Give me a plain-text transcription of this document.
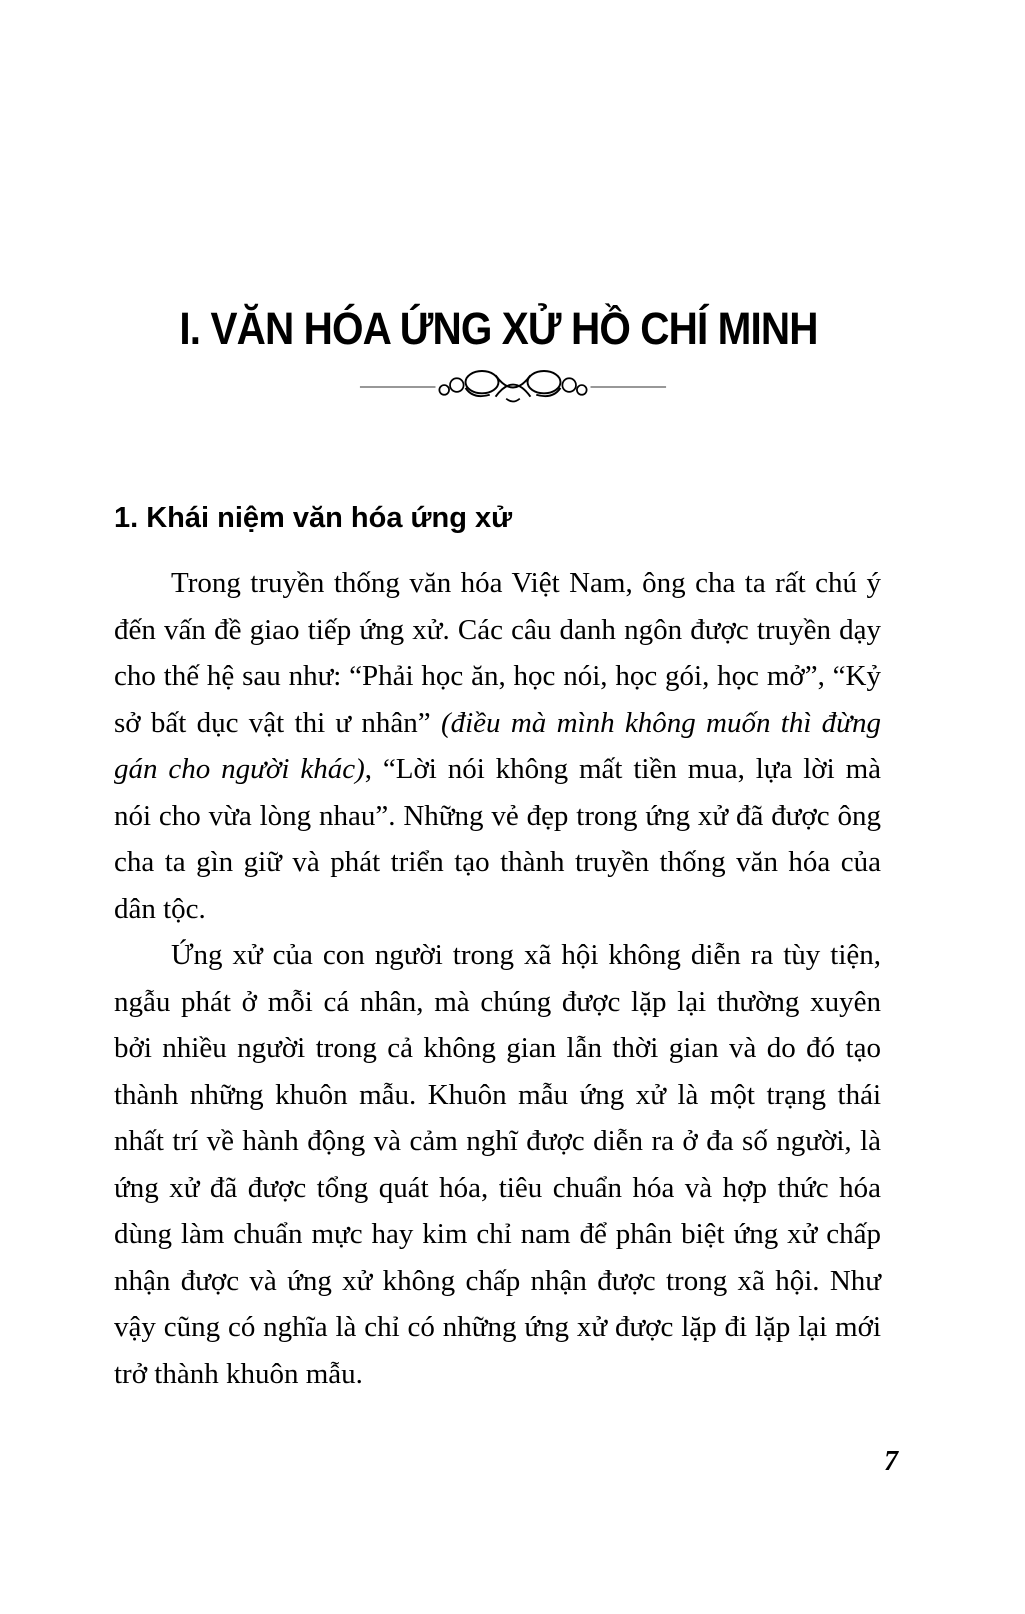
I. VĂN HÓA ỨNG XỬ HỒ CHÍ MINH
1. Khái niệm văn hóa ứng xử

Trong truyền thống văn hóa Việt Nam, ông cha ta rất chú ý đến vấn đề giao tiếp ứng xử. Các câu danh ngôn được truyền dạy cho thế hệ sau như: “Phải học ăn, học nói, học gói, học mở”, “Kỷ sở bất dục vật thi ư nhân” (điều mà mình không muốn thì đừng gán cho người khác), “Lời nói không mất tiền mua, lựa lời mà nói cho vừa lòng nhau”. Những vẻ đẹp trong ứng xử đã được ông cha ta gìn giữ và phát triển tạo thành truyền thống văn hóa của dân tộc.

Ứng xử của con người trong xã hội không diễn ra tùy tiện, ngẫu phát ở mỗi cá nhân, mà chúng được lặp lại thường xuyên bởi nhiều người trong cả không gian lẫn thời gian và do đó tạo thành những khuôn mẫu. Khuôn mẫu ứng xử là một trạng thái nhất trí về hành động và cảm nghĩ được diễn ra ở đa số người, là ứng xử đã được tổng quát hóa, tiêu chuẩn hóa và hợp thức hóa dùng làm chuẩn mực hay kim chỉ nam để phân biệt ứng xử chấp nhận được và ứng xử không chấp nhận được trong xã hội. Như vậy cũng có nghĩa là chỉ có những ứng xử được lặp đi lặp lại mới trở thành khuôn mẫu.

7
